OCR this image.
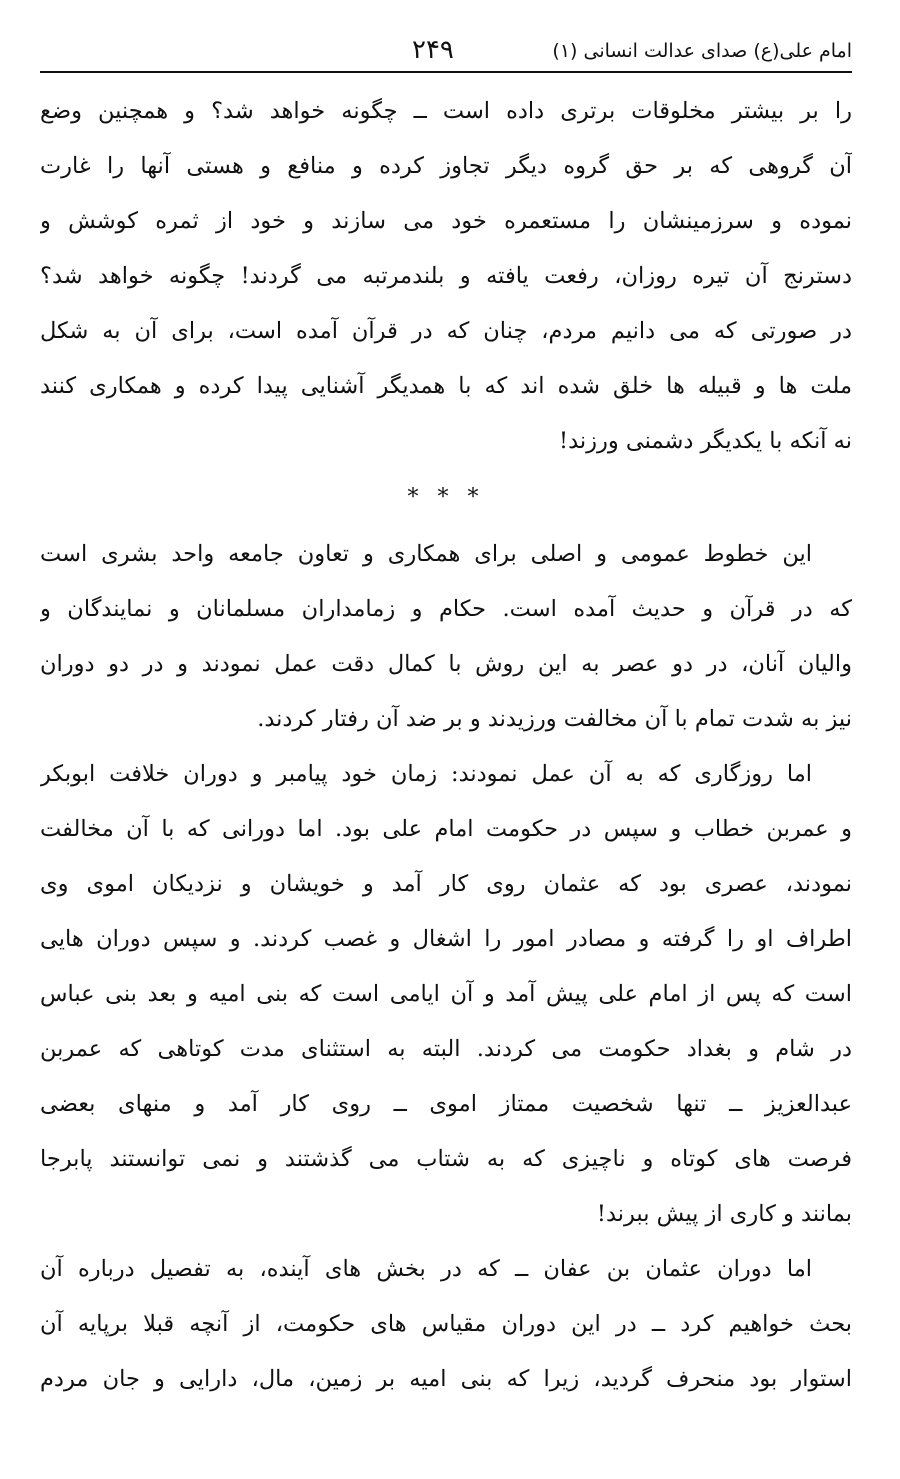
امام علی(ع) صدای عدالت انسانی (۱)
۲۴۹
را بر بیشتر مخلوقات برتری داده است ــ چگونه خواهد شد؟ و همچنین وضع
آن گروهی که بر حق گروه دیگر تجاوز کرده و منافع و هستی آنها را غارت
نموده و سرزمینشان را مستعمره خود می سازند و خود از ثمره کوشش و
دسترنج آن تیره روزان، رفعت یافته و بلندمرتبه می گردند! چگونه خواهد شد؟
در صورتی که می دانیم مردم، چنان که در قرآن آمده است، برای آن به شکل
ملت ها و قبیله ها خلق شده اند که با همدیگر آشنایی پیدا کرده و همکاری کنند
نه آنکه با یکدیگر دشمنی ورزند!
* * *
این خطوط عمومی و اصلی برای همکاری و تعاون جامعه واحد بشری است
که در قرآن و حدیث آمده است. حکام و زمامداران مسلمانان و نمایندگان و
والیان آنان، در دو عصر به این روش با کمال دقت عمل نمودند و در دو دوران
نیز به شدت تمام با آن مخالفت ورزیدند و بر ضد آن رفتار کردند.
اما روزگاری که به آن عمل نمودند: زمان خود پیامبر و دوران خلافت ابوبکر
و عمربن خطاب و سپس در حکومت امام علی بود. اما دورانی که با آن مخالفت
نمودند، عصری بود که عثمان روی کار آمد و خویشان و نزدیکان اموی وی
اطراف او را گرفته و مصادر امور را اشغال و غصب کردند. و سپس دوران هایی
است که پس از امام علی پیش آمد و آن ایامی است که بنی امیه و بعد بنی عباس
در شام و بغداد حکومت می کردند. البته به استثنای مدت کوتاهی که عمربن
عبدالعزیز ــ تنها شخصیت ممتاز اموی ــ روی کار آمد و منهای بعضی
فرصت های کوتاه و ناچیزی که به شتاب می گذشتند و نمی توانستند پابرجا
بمانند و کاری از پیش ببرند!
اما دوران عثمان بن عفان ــ که در بخش های آینده، به تفصیل درباره آن
بحث خواهیم کرد ــ در این دوران مقیاس های حکومت، از آنچه قبلا برپایه آن
استوار بود منحرف گردید، زیرا که بنی امیه بر زمین، مال، دارایی و جان مردم
